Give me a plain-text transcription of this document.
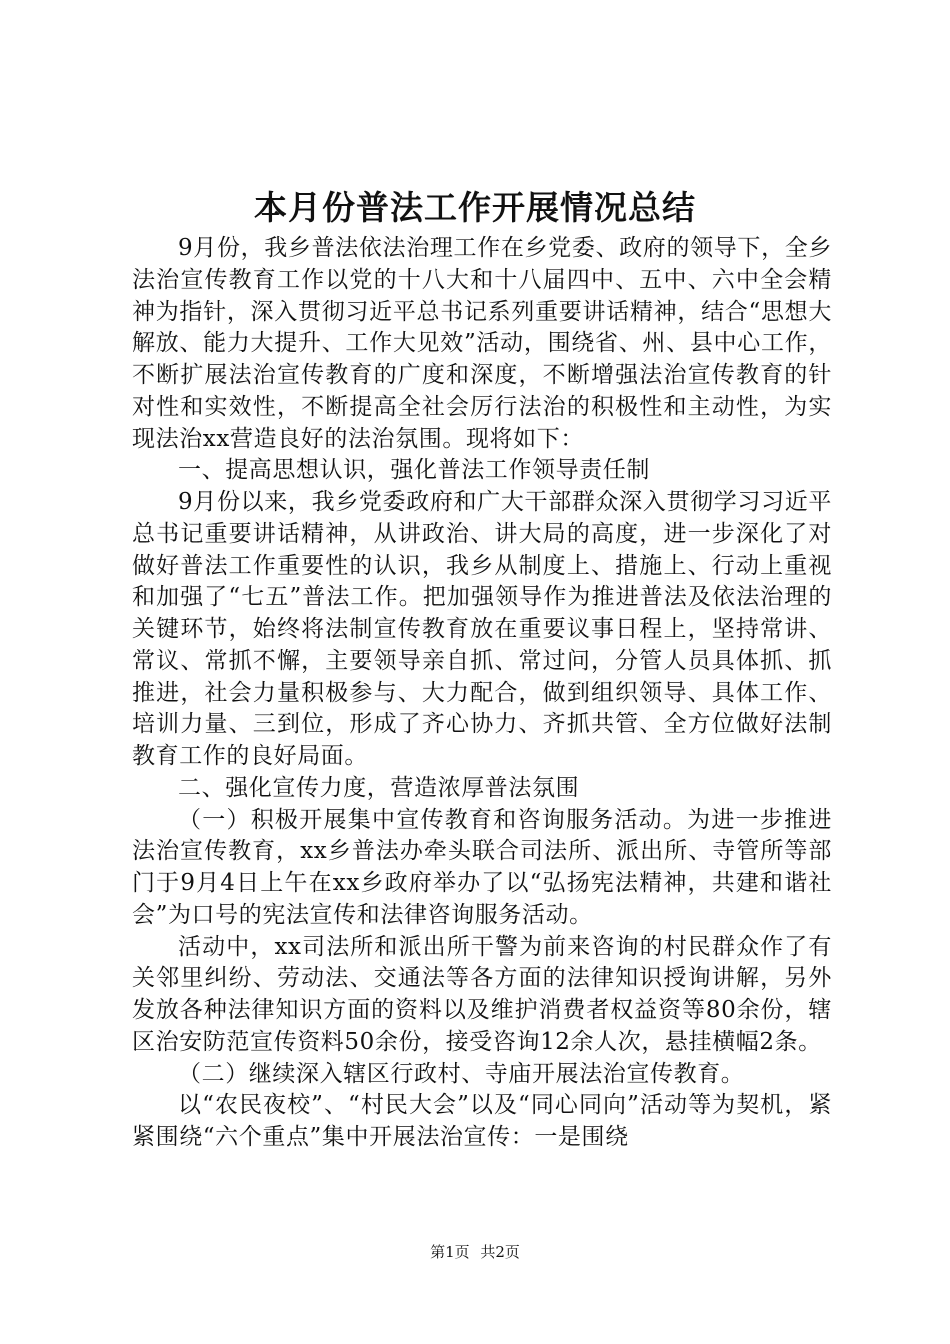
本月份普法工作开展情况总结

9月份，我乡普法依法治理工作在乡党委、政府的领导下，全乡法治宣传教育工作以党的十八大和十八届四中、五中、六中全会精神为指针，深入贯彻习近平总书记系列重要讲话精神，结合“思想大解放、能力大提升、工作大见效”活动，围绕省、州、县中心工作，不断扩展法治宣传教育的广度和深度，不断增强法治宣传教育的针对性和实效性，不断提高全社会厉行法治的积极性和主动性，为实现法治xx营造良好的法治氛围。现将如下：

一、提高思想认识，强化普法工作领导责任制

9月份以来，我乡党委政府和广大干部群众深入贯彻学习习近平总书记重要讲话精神，从讲政治、讲大局的高度，进一步深化了对做好普法工作重要性的认识，我乡从制度上、措施上、行动上重视和加强了“七五”普法工作。把加强领导作为推进普法及依法治理的关键环节，始终将法制宣传教育放在重要议事日程上，坚持常讲、常议、常抓不懈，主要领导亲自抓、常过问，分管人员具体抓、抓推进，社会力量积极参与、大力配合，做到组织领导、具体工作、培训力量、三到位，形成了齐心协力、齐抓共管、全方位做好法制教育工作的良好局面。

二、强化宣传力度，营造浓厚普法氛围

（一）积极开展集中宣传教育和咨询服务活动。为进一步推进法治宣传教育，xx乡普法办牵头联合司法所、派出所、寺管所等部门于9月4日上午在xx乡政府举办了以“弘扬宪法精神，共建和谐社会”为口号的宪法宣传和法律咨询服务活动。

活动中，xx司法所和派出所干警为前来咨询的村民群众作了有关邻里纠纷、劳动法、交通法等各方面的法律知识授询讲解，另外发放各种法律知识方面的资料以及维护消费者权益资等80余份，辖区治安防范宣传资料50余份，接受咨询12余人次，悬挂横幅2条。

（二）继续深入辖区行政村、寺庙开展法治宣传教育。

以“农民夜校”、“村民大会”以及“同心同向”活动等为契机，紧紧围绕“六个重点”集中开展法治宣传：一是围绕

第1页 共2页
